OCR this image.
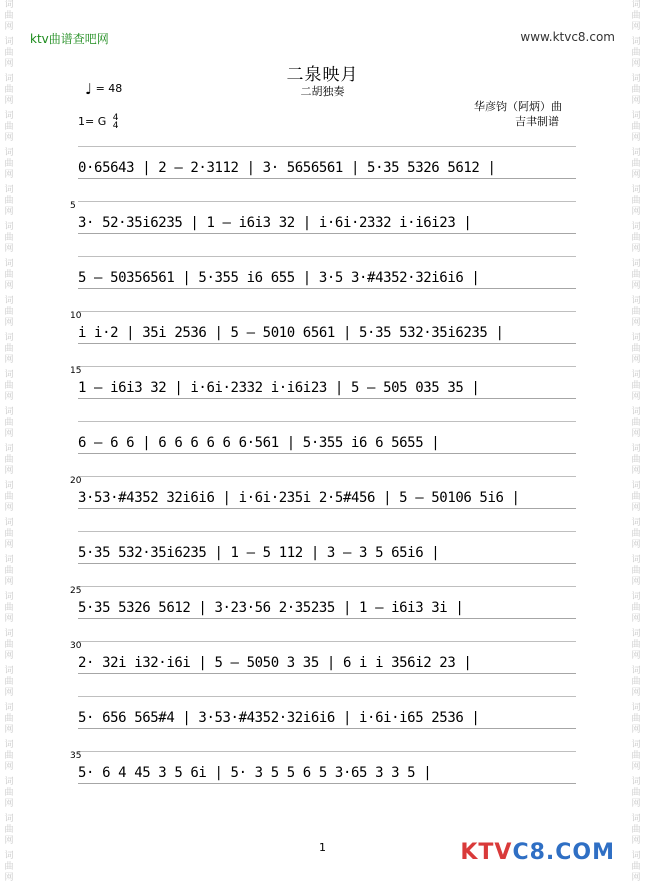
词曲网
词曲网
词曲网
词曲网
词曲网
词曲网
词曲网
词曲网
词曲网
词曲网
词曲网
词曲网
词曲网
词曲网
词曲网
词曲网
词曲网
词曲网
词曲网
词曲网
词曲网
词曲网
词曲网
词曲网
词曲网
词曲网
词曲网
词曲网
词曲网
词曲网
词曲网
词曲网
词曲网
词曲网
词曲网
词曲网
词曲网
词曲网
词曲网
词曲网
词曲网
词曲网
词曲网
词曲网
词曲网
词曲网
词曲网
词曲网
ktv曲谱查吧网	www.ktvc8.com
二泉映月
二胡独奏
♩ = 48
1= G 4
4
华彦钧（阿炳）曲
吉聿制谱
0·65643 | 2 — 2·3112 | 3· 5656561 | 5·35 5326 5612 |
5
3· 52·35i6235 | 1 — i6i3 32 | i·6i·2332 i·i6i23 |
5 — 50356561 | 5·355 i6 655 | 3·5 3·#4352·32i6i6 |
10
i i·2 | 35i 2536 | 5 — 5010 6561 | 5·35 532·35i6235 |
15
1 — i6i3 32 | i·6i·2332 i·i6i23 | 5 — 505 035 35 |
6 — 6 6 | 6 6 6 6 6 6·561 | 5·355 i6 6 5655 |
20
3·53·#4352 32i6i6 | i·6i·235i 2·5#456 | 5 — 50106 5i6 |
5·35 532·35i6235 | 1 — 5 112 | 3 — 3 5 65i6 |
25
5·35 5326 5612 | 3·23·56 2·35235 | 1 — i6i3 3i |
30
2· 32i i32·i6i | 5 — 5050 3 35 | 6 i i 356i2 23 |
5· 656 565#4 | 3·53·#4352·32i6i6 | i·6i·i65 2536 |
35
5· 6 4 45 3 5 6i | 5· 3 5 5 6 5 3·65 3 3 5 |
1	KTVC8.COM
